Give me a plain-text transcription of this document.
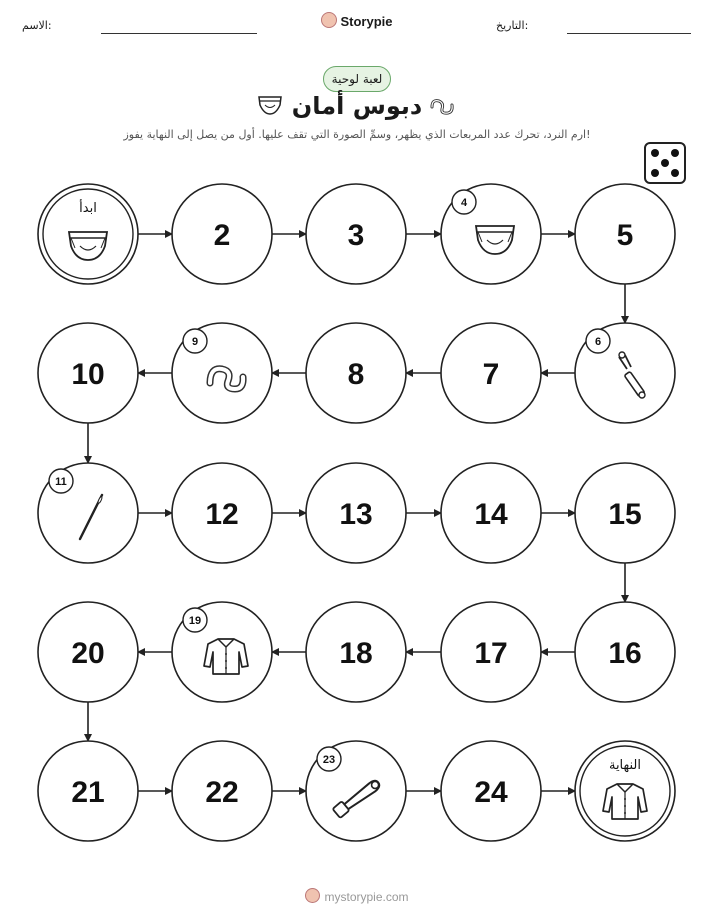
الاسم:	Storypie	التاريخ:
لعبة لوحية
دبوس أمان
ارم النرد، تحرك عدد المربعات الذي يظهر، وسمِّ الصورة التي تقف عليها. أول من يصل إلى النهاية يفوز!
ابدأ
2	3
4
5
10
9
8	7
6
11
12	13	14	15
20
19
18	17	16
21	22
23
24
النهاية
mystorypie.com
